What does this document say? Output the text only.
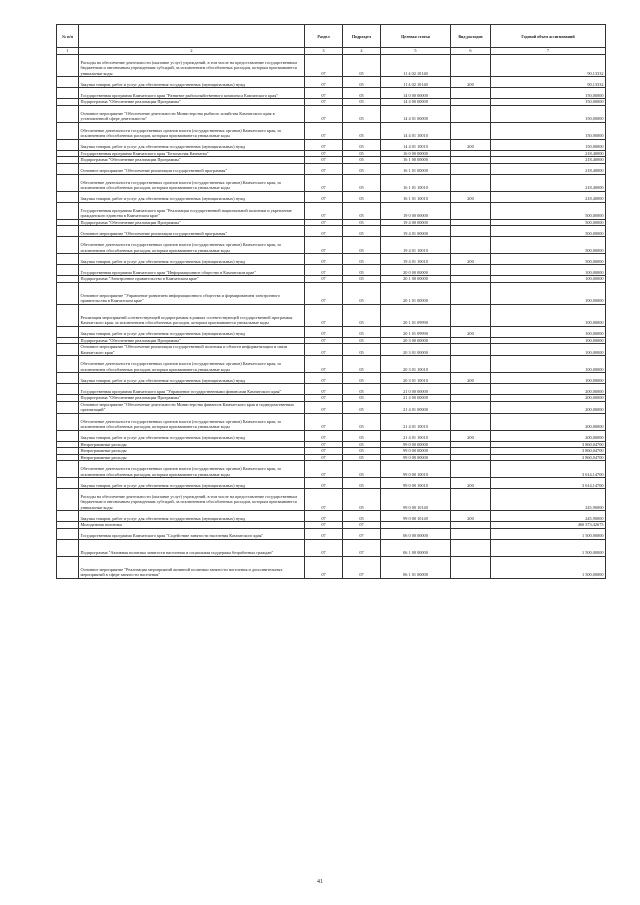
№ п/п		Раздел	Подраздел	Целевая статья	Вид расходов	Годовой объем ассигнований
1	2	3	4	5	6	7
	Расходы на обеспечение деятельности (оказание услуг) учреждений, в том числе на предоставление государственным бюджетным и автономным учреждениям субсидий, за исключением обособленных расходов, которым присваиваются уникальные коды	07	05	11 4 02 10140		90,13332
	Закупка товаров, работ и услуг для обеспечения государственных (муниципальных) нужд	07	05	11 4 02 10140	200	90,13332
	Государственная программа Камчатского края "Развитие рыбохозяйственного комплекса Камчатского края"	07	05	14 0 00 00000		150,00000
	Подпрограмма "Обеспечение реализации Программы"	07	05	14 4 00 00000		150,00000
	Основное мероприятие "Обеспечение деятельности Министерства рыбного хозяйства Камчатского края в установленной сфере деятельности"	07	05	14 4 01 00000		150,00000
	Обеспечение деятельности государственных органов власти (государственных органов) Камчатского края, за исключением обособленных расходов, которым присваиваются уникальные коды	07	05	14 4 01 10010		150,00000
	Закупка товаров, работ и услуг для обеспечения государственных (муниципальных) нужд	07	05	14 4 01 10010	200	150,00000
	Государственная программа Камчатского края "Безопасная Камчатка"	07	05	16 0 00 00000		218,40000
	Подпрограмма "Обеспечение реализации Программы"	07	05	16 1 00 00000		218,40000
	Основное мероприятие "Обеспечение реализации государственной программы"	07	05	16 1 01 00000		218,40000
	Обеспечение деятельности государственных органов власти (государственных органов) Камчатского края, за исключением обособленных расходов, которым присваиваются уникальные коды	07	05	16 1 01 10010		218,40000
	Закупка товаров, работ и услуг для обеспечения государственных (муниципальных) нужд	07	05	16 1 01 10010	200	218,40000
	Государственная программа Камчатского края "Реализация государственной национальной политики и укрепление гражданского единства в Камчатском крае"	07	05	19 0 00 00000		500,00000
	Подпрограмма "Обеспечение реализации Программы"	07	05	19 4 00 00000		500,00000
	Основное мероприятие "Обеспечение реализации государственной программы"	07	05	19 4 01 00000		500,00000
	Обеспечение деятельности государственных органов власти (государственных органов) Камчатского края, за исключением обособленных расходов, которым присваиваются уникальные коды	07	05	19 4 01 10010		500,00000
	Закупка товаров, работ и услуг для обеспечения государственных (муниципальных) нужд	07	05	19 4 01 10010	200	500,00000
	Государственная программа Камчатского края "Информационное общество в Камчатском крае"	07	05	20 0 00 00000		100,00000
	Подпрограмма "Электронное правительство в Камчатском крае"	07	05	20 1 00 00000		100,00000
	Основное мероприятие "Управление развитием информационного общества и формированием электронного правительства в Камчатском крае"	07	05	20 1 01 00000		100,00000
	Реализация мероприятий соответствующей подпрограммы в рамках соответствующей государственной программы Камчатского края, за исключением обособленных расходов, которым присваиваются уникальные коды	07	05	20 1 01 09990		100,00000
	Закупка товаров, работ и услуг для обеспечения государственных (муниципальных) нужд	07	05	20 1 01 09990	200	100,00000
	Подпрограмма "Обеспечение реализации Программы"	07	05	20 3 00 00000		100,00000
	Основное мероприятие "Обеспечение реализации государственной политики и области информатизации и связи Камчатского края"	07	05	20 3 01 00000		100,00000
	Обеспечение деятельности государственных органов власти (государственных органов) Камчатского края, за исключением обособленных расходов, которым присваиваются уникальные коды	07	05	20 3 01 10010		100,00000
	Закупка товаров, работ и услуг для обеспечения государственных (муниципальных) нужд	07	05	20 3 01 10010	200	100,00000
	Государственная программа Камчатского края "Управление государственными финансами Камчатского края"	07	05	21 0 00 00000		200,00000
	Подпрограмма "Обеспечение реализации Программы"	07	05	21 4 00 00000		200,00000
	Основное мероприятие "Обеспечение деятельности Министерства финансов Камчатского края и подведомственных организаций"	07	05	21 4 01 00000		200,00000
	Обеспечение деятельности государственных органов власти (государственных органов) Камчатского края, за исключением обособленных расходов, которым присваиваются уникальные коды	07	05	21 4 01 10010		200,00000
	Закупка товаров, работ и услуг для обеспечения государственных (муниципальных) нужд	07	05	21 4 01 10010	200	200,00000
	Непрограммные расходы	07	05	99 0 00 00000		3 860,04700
	Непрограммные расходы	07	05	99 0 00 00000		3 860,04700
	Непрограммные расходы	07	05	99 0 00 00000		3 860,04700
	Обеспечение деятельности государственных органов власти (государственных органов) Камчатского края, за исключением обособленных расходов, которым присваиваются уникальные коды	07	05	99 0 00 10010		3 614,14700
	Закупка товаров, работ и услуг для обеспечения государственных (муниципальных) нужд	07	05	99 0 00 10010	200	3 614,14700
	Расходы на обеспечение деятельности (оказание услуг) учреждений, в том числе на предоставление государственным бюджетным и автономным учреждениям субсидий, за исключением обособленных расходов, которым присваиваются уникальные коды	07	05	99 0 00 10140		245,90000
	Закупка товаров, работ и услуг для обеспечения государственных (муниципальных) нужд	07	05	99 0 00 10140	200	245,90000
	Молодежная политика	07	07			460 573,42675
	Государственная программа Камчатского края "Содействие занятости населения Камчатского края"	07	07	06 0 00 00000		1 500,00000
	Подпрограмма "Активная политика занятости населения и социальная поддержка безработных граждан"	07	07	06 1 00 00000		1 500,00000
	Основное мероприятие "Реализация мероприятий активной политики занятости населения и дополнительных мероприятий в сфере занятости населения"	07	07	06 1 01 00000		1 500,00000
41
